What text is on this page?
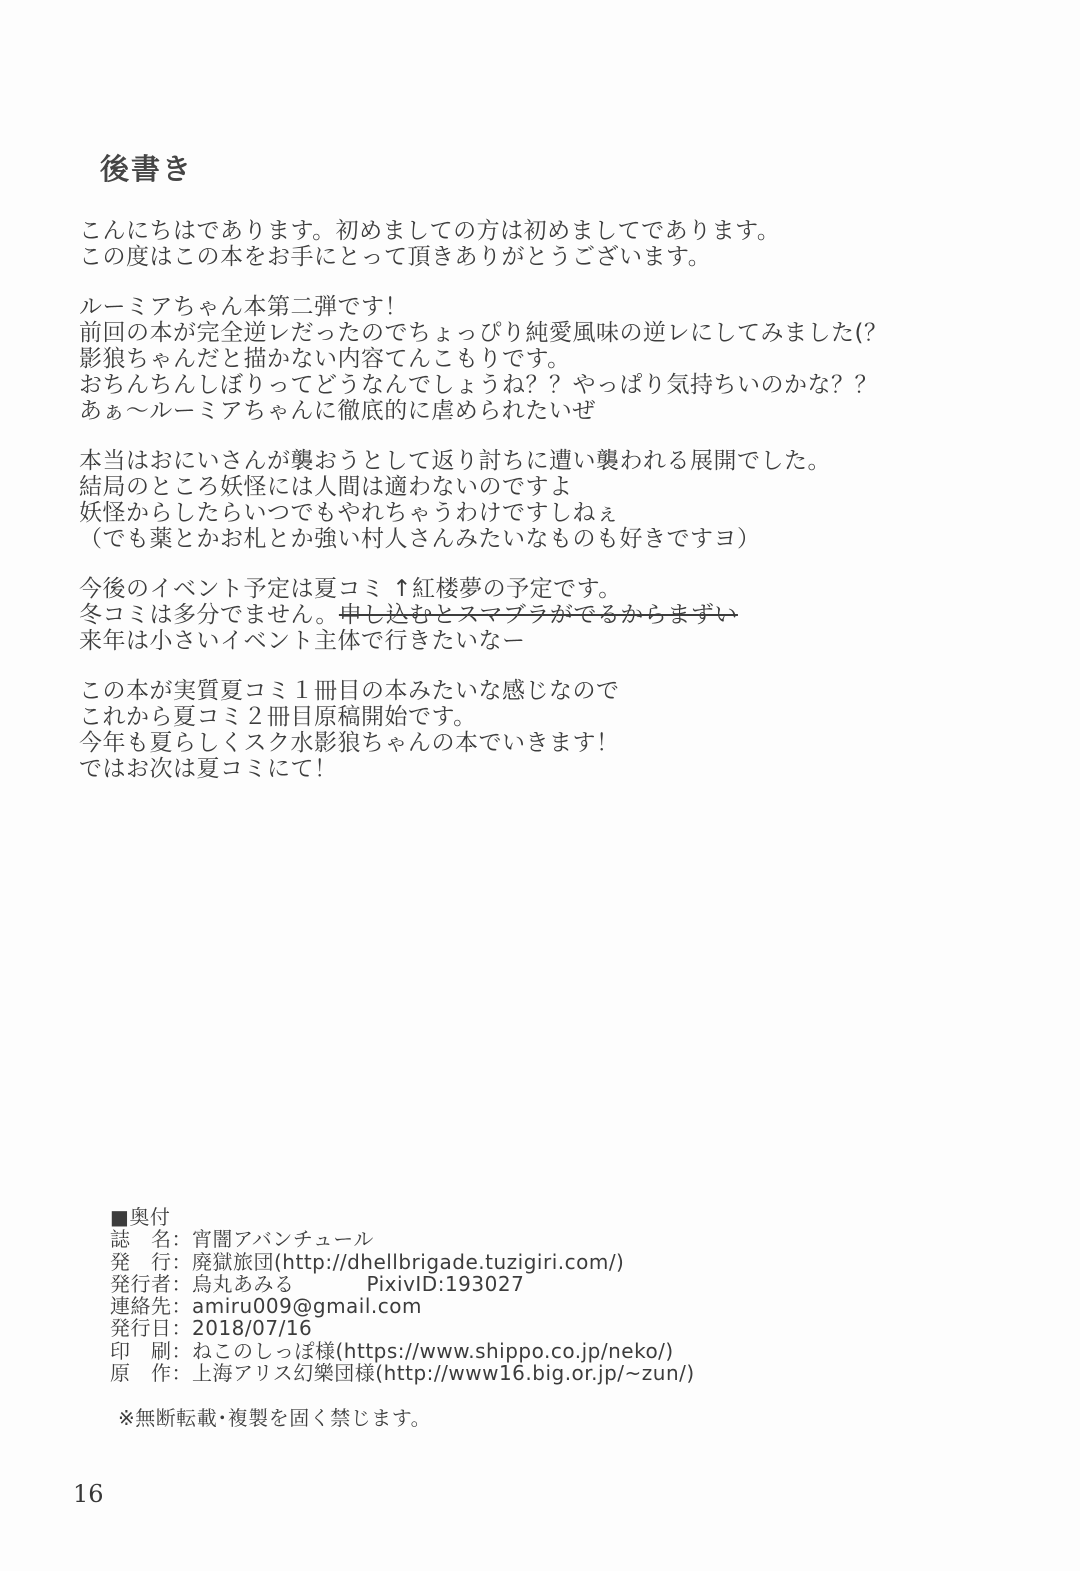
後書き

こんにちはであります。初めましての方は初めましてであります。
この度はこの本をお手にとって頂きありがとうございます。

ルーミアちゃん本第二弾です！
前回の本が完全逆レだったのでちょっぴり純愛風味の逆レにしてみました(？
影狼ちゃんだと描かない内容てんこもりです。
おちんちんしぼりってどうなんでしょうね？？やっぱり気持ちいのかな？？
あぁ～ルーミアちゃんに徹底的に虐められたいぜ

本当はおにいさんが襲おうとして返り討ちに遭い襲われる展開でした。
結局のところ妖怪には人間は適わないのですよ
妖怪からしたらいつでもやれちゃうわけですしねぇ
（でも薬とかお札とか強い村人さんみたいなものも好きですヨ）

今後のイベント予定は夏コミ ↑紅楼夢の予定です。
冬コミは多分でません。申し込むとスマブラがでるからまずい
来年は小さいイベント主体で行きたいなー

この本が実質夏コミ１冊目の本みたいな感じなので
これから夏コミ２冊目原稿開始です。
今年も夏らしくスク水影狼ちゃんの本でいきます！
ではお次は夏コミにて！

■奥付
誌　名：宵闇アバンチュール
発　行：廃獄旅団(http://dhellbrigade.tuzigiri.com/)
発行者：烏丸あみる	PixivID:193027
連絡先：amiru009@gmail.com
発行日：2018/07/16
印　刷：ねこのしっぽ様(https://www.shippo.co.jp/neko/)
原　作：上海アリス幻樂団様(http://www16.big.or.jp/~zun/)
※無断転載･複製を固く禁じます。
16
